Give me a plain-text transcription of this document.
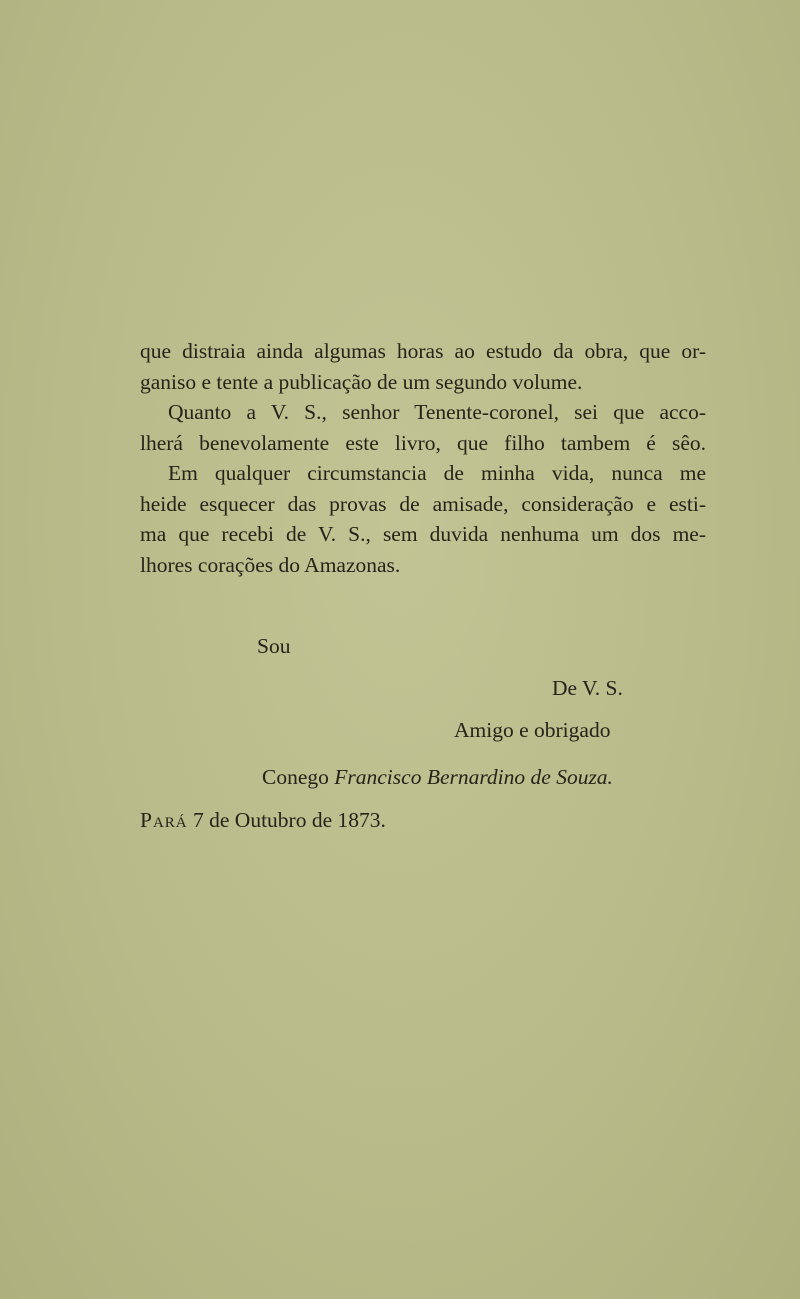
que distraia ainda algumas horas ao estudo da obra, que or-
ganiso e tente a publicação de um segundo volume.
Quanto a V. S., senhor Tenente-coronel, sei que acco-
lherá benevolamente este livro, que filho tambem é sêo.
Em qualquer circumstancia de minha vida, nunca me
heide esquecer das provas de amisade, consideração e esti-
ma que recebi de V. S., sem duvida nenhuma um dos me-
lhores corações do Amazonas.
Sou
De V. S.
Amigo e obrigado
Conego Francisco Bernardino de Souza.
Pará 7 de Outubro de 1873.
